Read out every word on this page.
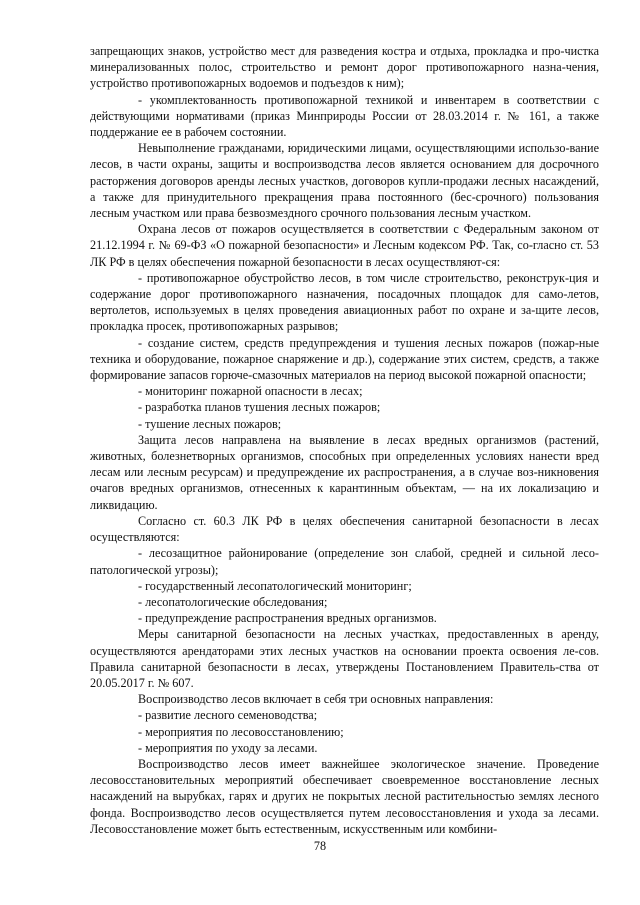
запрещающих знаков, устройство мест для разведения костра и отдыха, прокладка и про-чистка минерализованных полос, строительство и ремонт дорог противопожарного назна-чения, устройство противопожарных водоемов и подъездов к ним);

- укомплектованность противопожарной техникой и инвентарем в соответствии с действующими нормативами (приказ Минприроды России от 28.03.2014 г. № 161, а также поддержание ее в рабочем состоянии.

Невыполнение гражданами, юридическими лицами, осуществляющими использо-вание лесов, в части охраны, защиты и воспроизводства лесов является основанием для досрочного расторжения договоров аренды лесных участков, договоров купли-продажи лесных насаждений, а также для принудительного прекращения права постоянного (бес-срочного) пользования лесным участком или права безвозмездного срочного пользования лесным участком.

Охрана лесов от пожаров осуществляется в соответствии с Федеральным законом от 21.12.1994 г. № 69-ФЗ «О пожарной безопасности» и Лесным кодексом РФ. Так, со-гласно ст. 53 ЛК РФ в целях обеспечения пожарной безопасности в лесах осуществляют-ся:

- противопожарное обустройство лесов, в том числе строительство, реконструк-ция и содержание дорог противопожарного назначения, посадочных площадок для само-летов, вертолетов, используемых в целях проведения авиационных работ по охране и за-щите лесов, прокладка просек, противопожарных разрывов;

- создание систем, средств предупреждения и тушения лесных пожаров (пожар-ные техника и оборудование, пожарное снаряжение и др.), содержание этих систем, средств, а также формирование запасов горюче-смазочных материалов на период высокой пожарной опасности;

- мониторинг пожарной опасности в лесах;

- разработка планов тушения лесных пожаров;

- тушение лесных пожаров;

Защита лесов направлена на выявление в лесах вредных организмов (растений, животных, болезнетворных организмов, способных при определенных условиях нанести вред лесам или лесным ресурсам) и предупреждение их распространения, а в случае воз-никновения очагов вредных организмов, отнесенных к карантинным объектам, — на их локализацию и ликвидацию.

Согласно ст. 60.3 ЛК РФ в целях обеспечения санитарной безопасности в лесах осуществляются:

- лесозащитное районирование (определение зон слабой, средней и сильной лесо-патологической угрозы);

- государственный лесопатологический мониторинг;

- лесопатологические обследования;

- предупреждение распространения вредных организмов.

Меры санитарной безопасности на лесных участках, предоставленных в аренду, осуществляются арендаторами этих лесных участков на основании проекта освоения ле-сов. Правила санитарной безопасности в лесах, утверждены Постановлением Правитель-ства от 20.05.2017 г. № 607.

Воспроизводство лесов включает в себя три основных направления:

- развитие лесного семеноводства;

- мероприятия по лесовосстановлению;

- мероприятия по уходу за лесами.

Воспроизводство лесов имеет важнейшее экологическое значение. Проведение лесовосстановительных мероприятий обеспечивает своевременное восстановление лесных насаждений на вырубках, гарях и других не покрытых лесной растительностью землях лесного фонда. Воспроизводство лесов осуществляется путем лесовосстановления и ухода за лесами. Лесовосстановление может быть естественным, искусственным или комбини-

78
